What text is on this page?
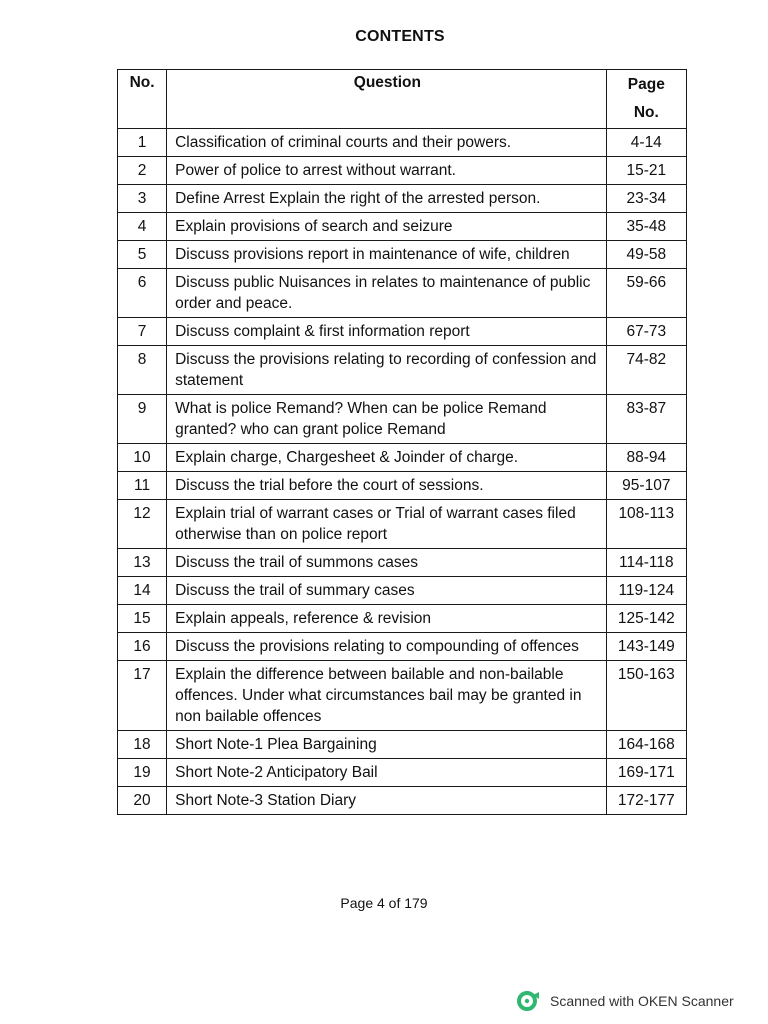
CONTENTS
No.	Question	Page No.
1	Classification of criminal courts and their powers.	4-14
2	Power of police to arrest without warrant.	15-21
3	Define Arrest Explain the right of the arrested person.	23-34
4	Explain provisions of search and seizure	35-48
5	Discuss provisions report in maintenance of wife, children	49-58
6	Discuss public Nuisances in relates to maintenance of public order and peace.	59-66
7	Discuss complaint & first information report	67-73
8	Discuss the provisions relating to recording of confession and statement	74-82
9	What is police Remand? When can be police Remand granted? who can grant police Remand	83-87
10	Explain charge, Chargesheet & Joinder of charge.	88-94
11	Discuss the trial before the court of sessions.	95-107
12	Explain trial of warrant cases or Trial of warrant cases filed otherwise than on police report	108-113
13	Discuss the trail of summons cases	114-118
14	Discuss the trail of summary cases	119-124
15	Explain appeals, reference & revision	125-142
16	Discuss the provisions relating to compounding of offences	143-149
17	Explain the difference between bailable and non-bailable offences. Under what circumstances bail may be granted in non bailable offences	150-163
18	Short Note-1 Plea Bargaining	164-168
19	Short Note-2 Anticipatory Bail	169-171
20	Short Note-3 Station Diary	172-177
Page 4 of 179
Scanned with OKEN Scanner
